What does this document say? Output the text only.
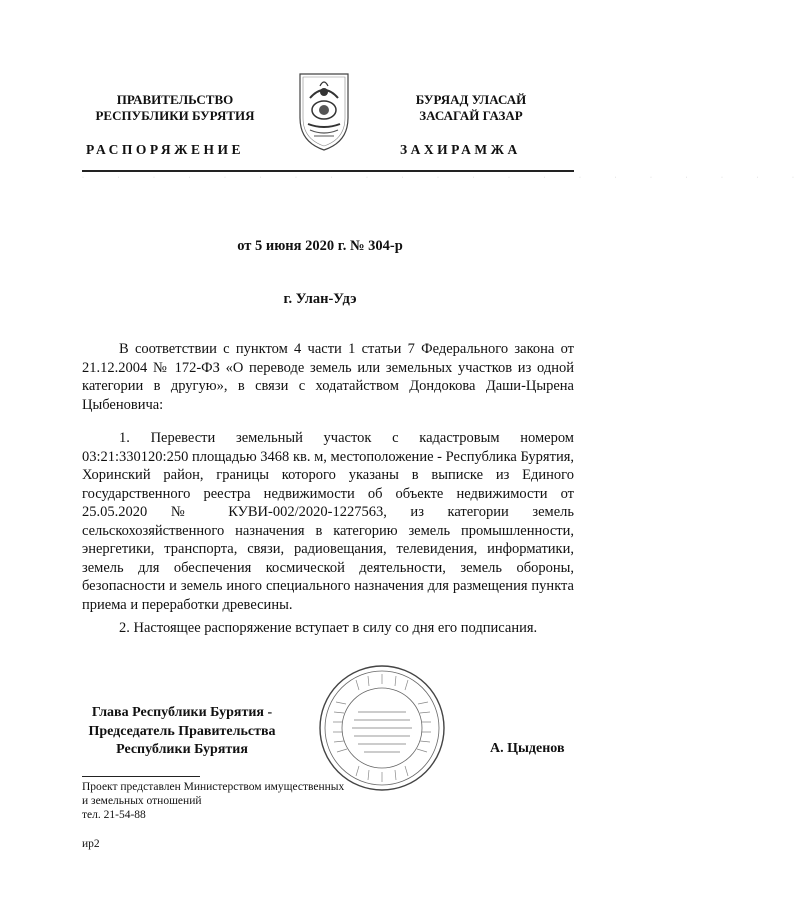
ПРАВИТЕЛЬСТВО
РЕСПУБЛИКИ БУРЯТИЯ
БУРЯАД УЛАСАЙ
ЗАСАГАЙ ГАЗАР
РАСПОРЯЖЕНИЕ	ЗАХИРАМЖА
· · · · · · · · · · · · · · · · · · · · ·
от 5 июня 2020 г. № 304-р
г. Улан-Удэ
В соответствии с пунктом 4 части 1 статьи 7 Федерального закона от 21.12.2004 № 172-ФЗ «О переводе земель или земельных участков из одной категории в другую», в связи с ходатайством Дондокова Даши-Цырена Цыбеновича:
1. Перевести земельный участок с кадастровым номером 03:21:330120:250 площадью 3468 кв. м, местоположение - Республика Бурятия, Хоринский район, границы которого указаны в выписке из Единого государственного реестра недвижимости об объекте недвижимости от 25.05.2020 № КУВИ-002/2020-1227563, из категории земель сельскохозяйственного назначения в категорию земель промышленности, энергетики, транспорта, связи, радиовещания, телевидения, информатики, земель для обеспечения космической деятельности, земель обороны, безопасности и земель иного специального назначения для размещения пункта приема и переработки древесины.
2. Настоящее распоряжение вступает в силу со дня его подписания.
Глава Республики Бурятия -
Председатель Правительства
Республики Бурятия	А. Цыденов
Проект представлен Министерством имущественных
и земельных отношений
тел. 21-54-88
ир2
